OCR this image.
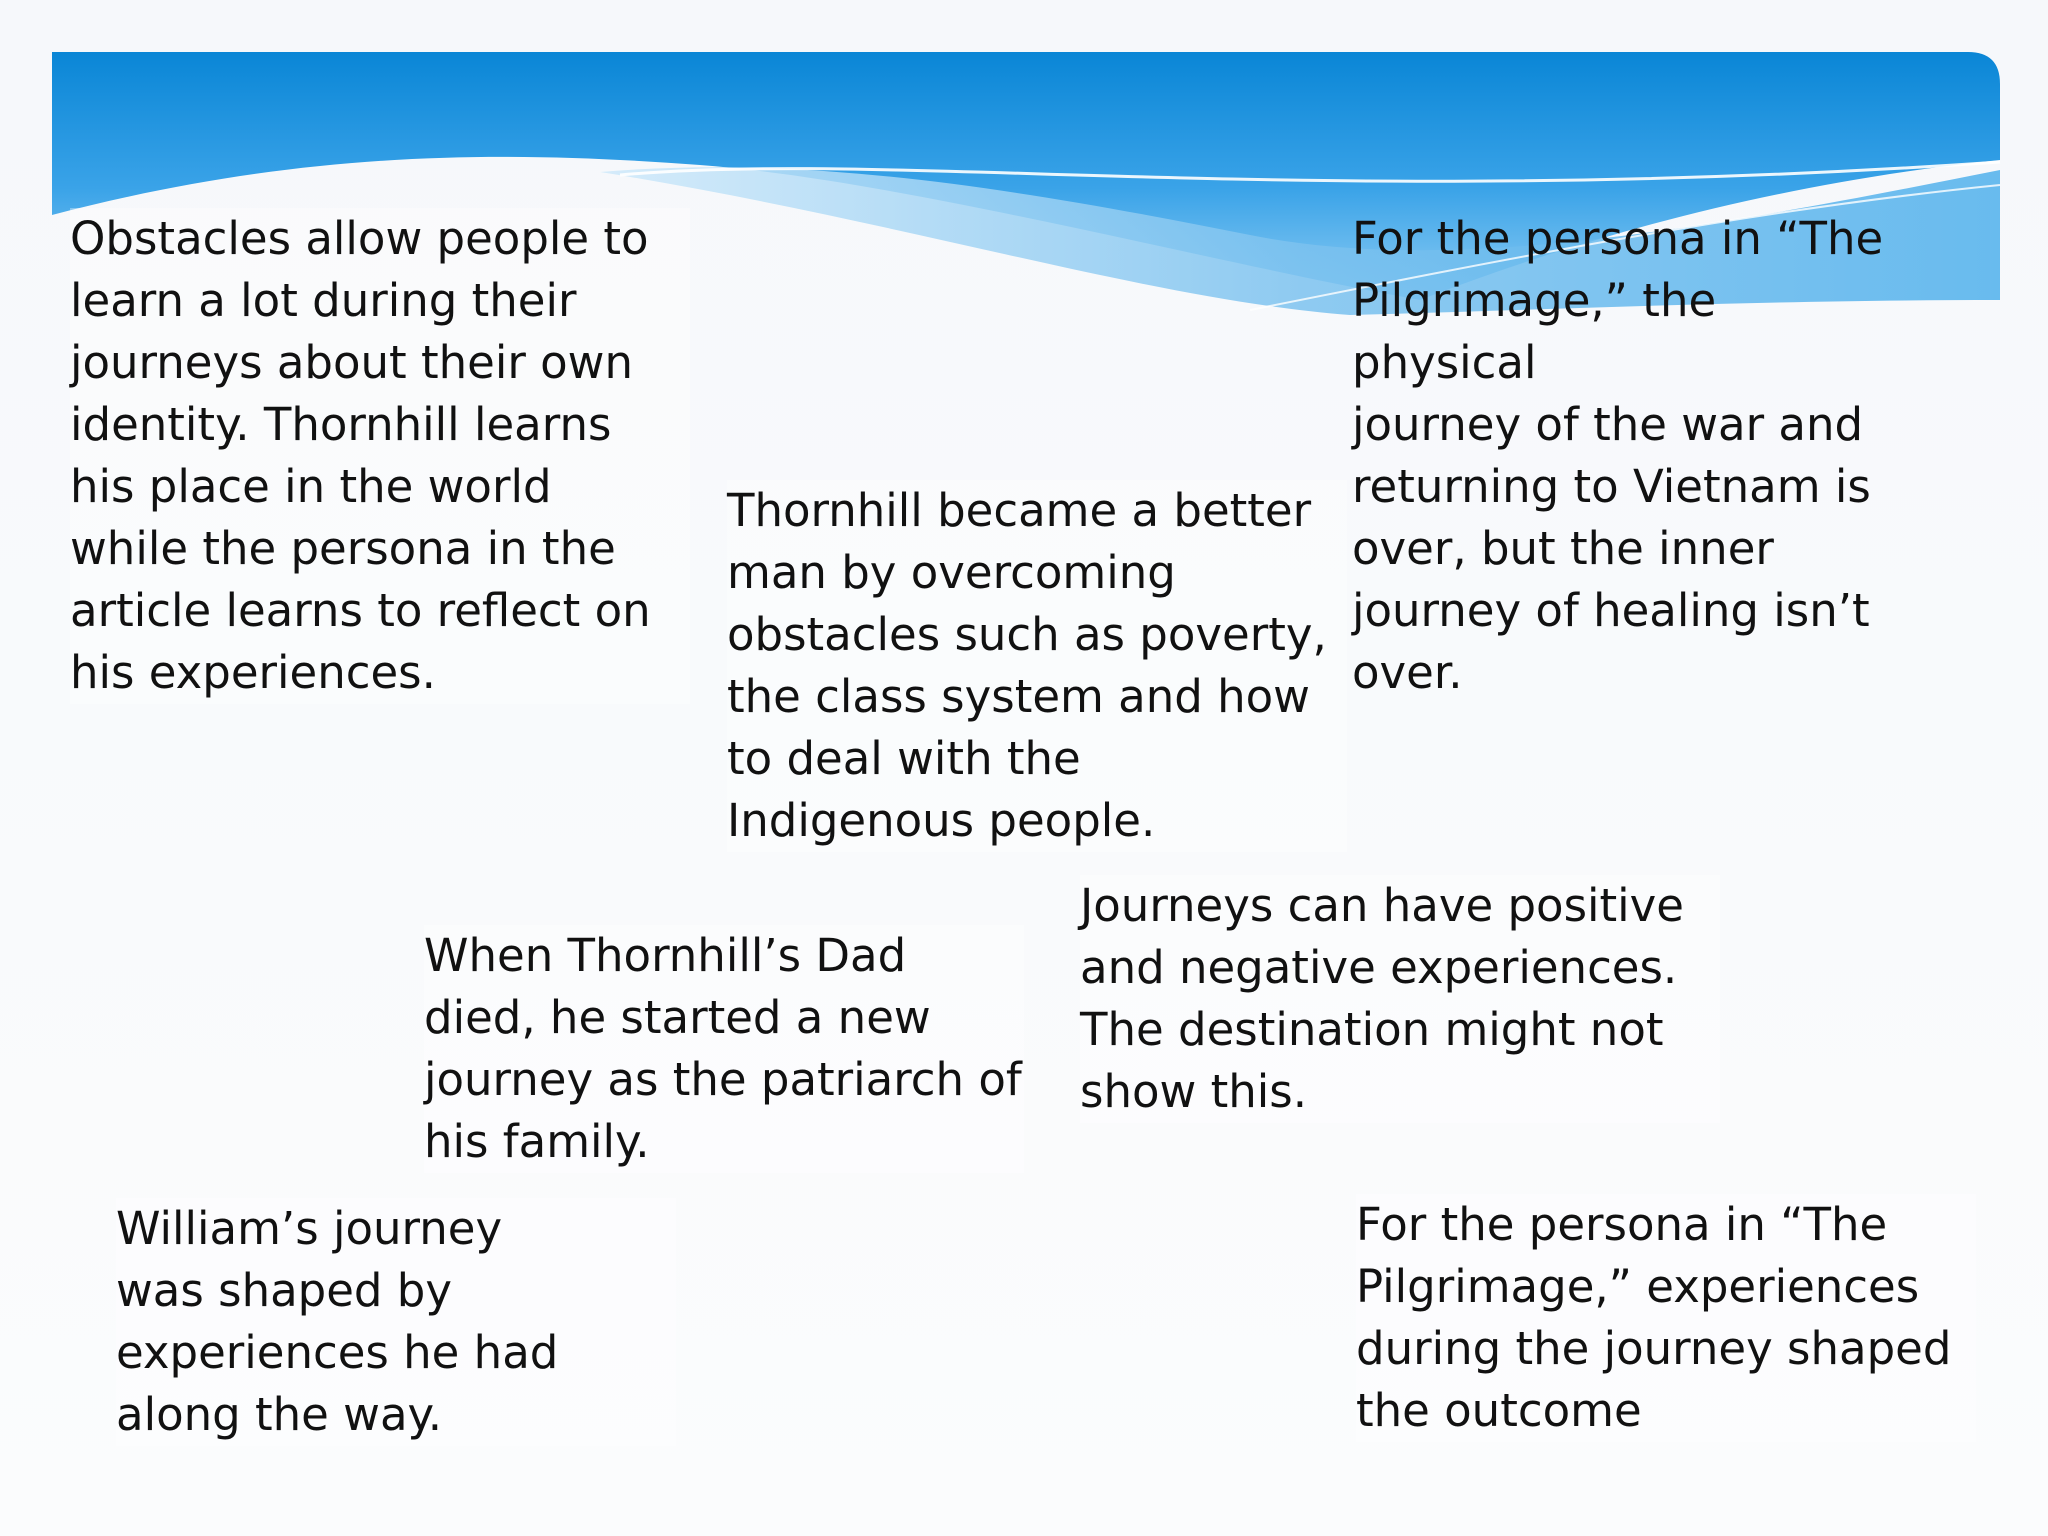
Obstacles allow people to
learn a lot during their
journeys about their own
identity. Thornhill learns
his place in the world
while the persona in the
article learns to reflect on
his experiences.
Thornhill became a better
man by overcoming
obstacles such as poverty,
the class system and how
to deal with the
Indigenous people.
For the persona in “The
Pilgrimage,” the physical
journey of the war and
returning to Vietnam is
over, but the inner
journey of healing isn’t
over.
When Thornhill’s Dad
died, he started a new
journey as the patriarch of
his family.
Journeys can have positive
and negative experiences.
The destination might not
show this.
William’s journey
was shaped by
experiences he had
along the way.
For the persona in “The
Pilgrimage,” experiences
during the journey shaped
the outcome
